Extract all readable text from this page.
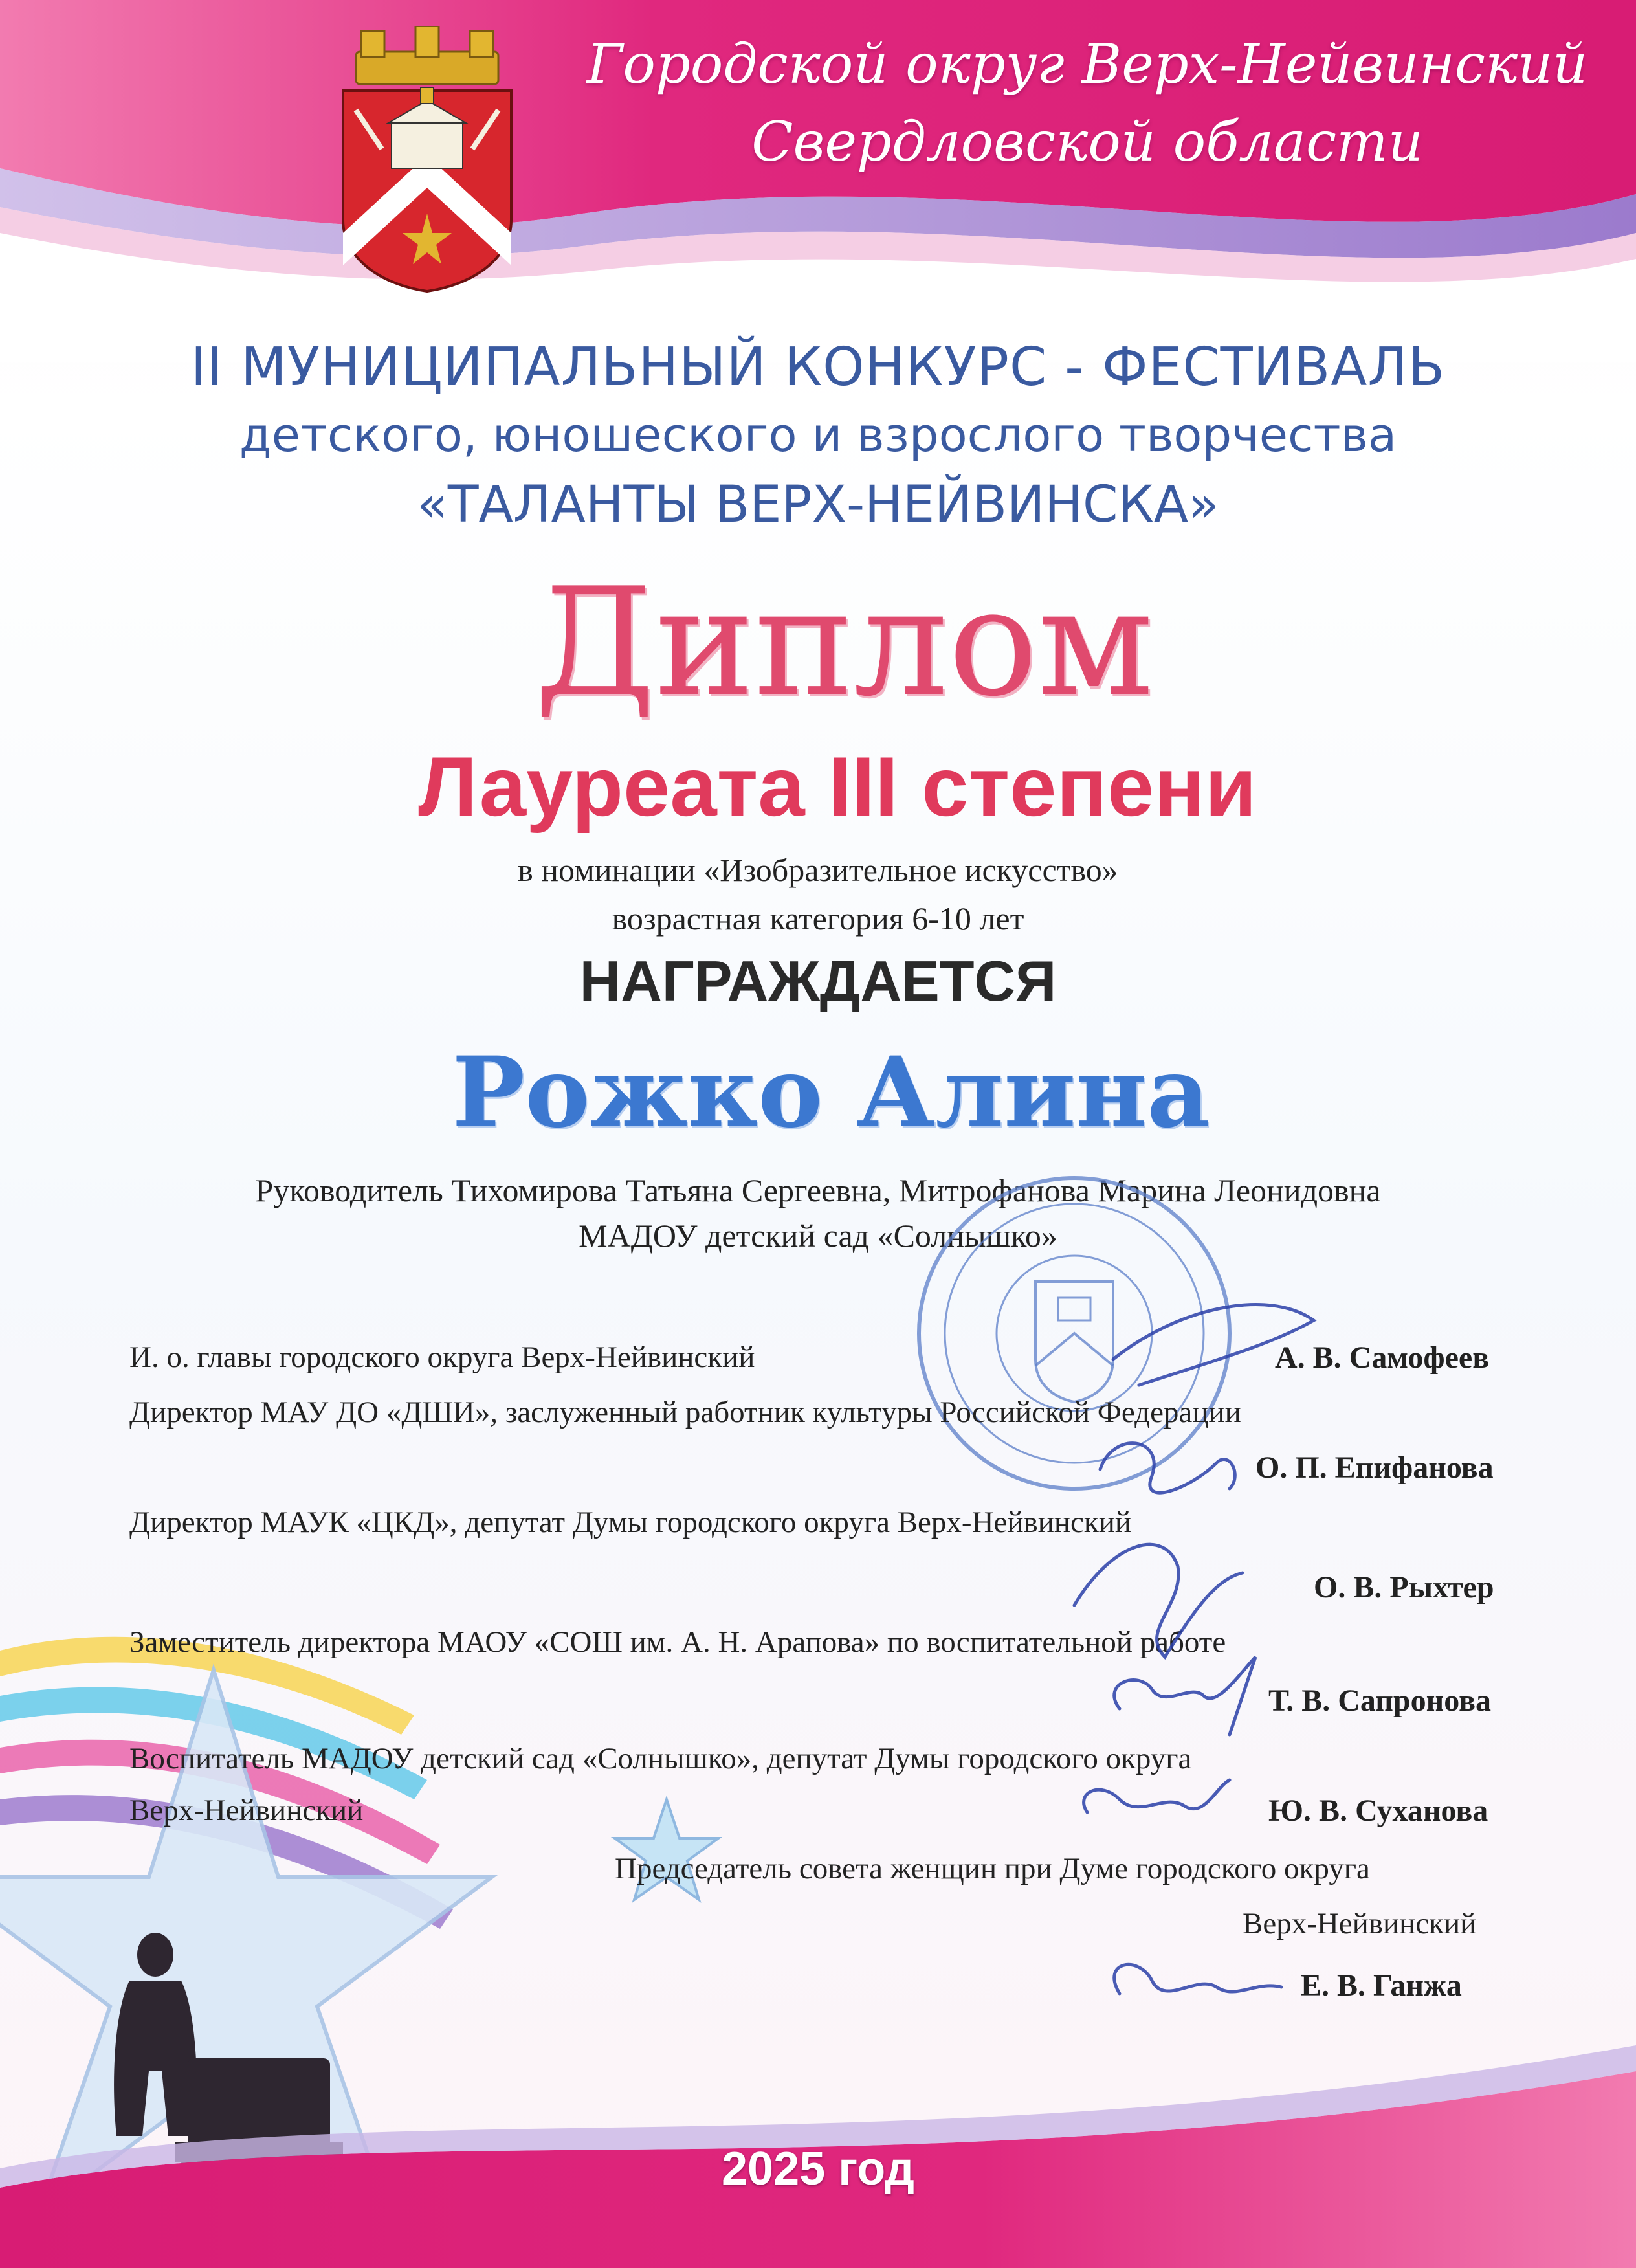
Городской округ Верх-Нейвинский
Свердловской области
II МУНИЦИПАЛЬНЫЙ КОНКУРС - ФЕСТИВАЛЬ
детского, юношеского и взрослого творчества
«ТАЛАНТЫ ВЕРХ-НЕЙВИНСКА»
Диплом
Лауреата III степени
в номинации «Изобразительное искусство»
возрастная категория 6-10 лет
НАГРАЖДАЕТСЯ
Рожко Алина
Руководитель Тихомирова Татьяна Сергеевна, Митрофанова Марина Леонидовна
МАДОУ детский сад «Солнышко»
И. о. главы городского округа Верх-Нейвинский	А. В. Самофеев
Директор МАУ ДО «ДШИ», заслуженный работник культуры Российской Федерации
О. П. Епифанова
Директор МАУК «ЦКД», депутат Думы городского округа Верх-Нейвинский
О. В. Рыхтер
Заместитель директора МАОУ «СОШ им. А. Н. Арапова» по воспитательной работе
Т. В. Сапронова
Воспитатель МАДОУ детский сад «Солнышко», депутат Думы городского округа
Верх-Нейвинский	Ю. В. Суханова
Председатель совета женщин при Думе городского округа
Верх-Нейвинский
Е. В. Ганжа
2025 год
